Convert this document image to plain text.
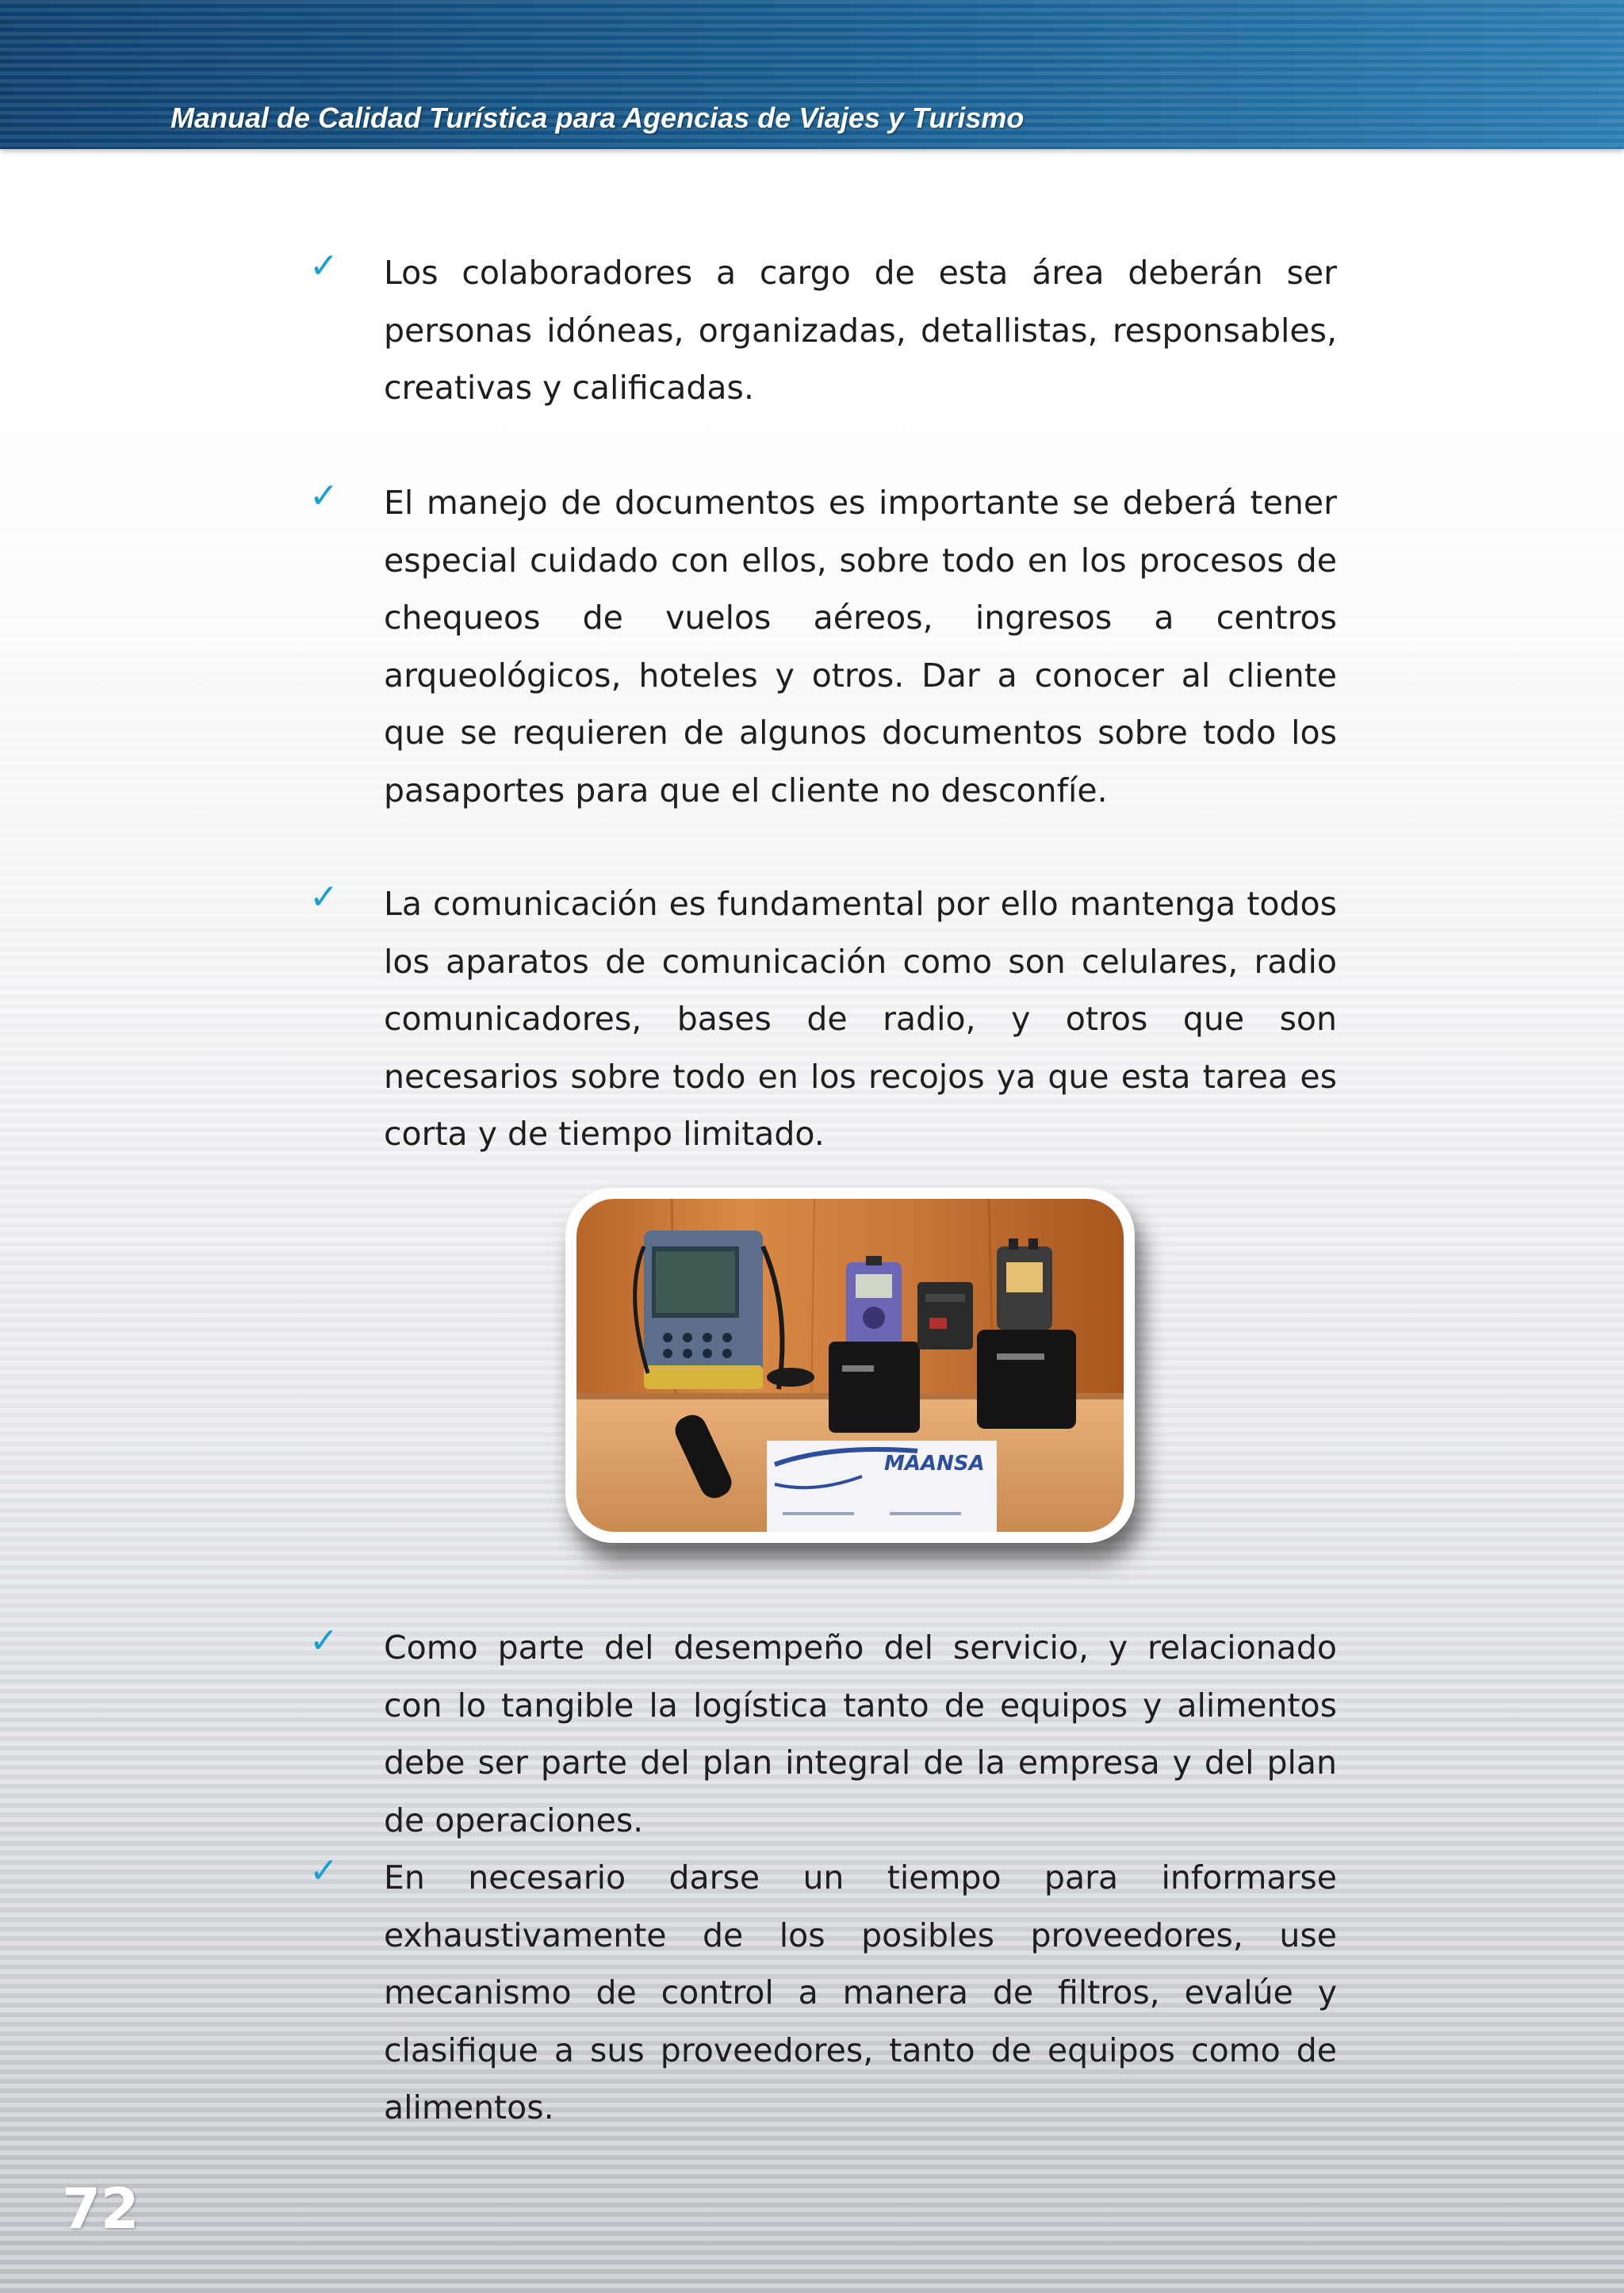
Manual de Calidad Turística para Agencias de Viajes y Turismo
✓ Los colaboradores a cargo de esta área deberán ser personas idóneas, organizadas, detallistas, responsables, creativas y calificadas.
✓ El manejo de documentos es importante se deberá tener especial cuidado con ellos, sobre todo en los procesos de chequeos de vuelos aéreos, ingresos a centros arqueológicos, hoteles y otros. Dar a conocer al cliente que se requieren de algunos documentos sobre todo los pasaportes para que el cliente no desconfíe.
✓ La comunicación es fundamental por ello mantenga todos los aparatos de comunicación como son celulares, radio comunicadores, bases de radio, y otros que son necesarios sobre todo en los recojos ya que esta tarea es corta y de tiempo limitado.
MAANSA
✓ Como parte del desempeño del servicio, y relacionado con lo tangible la logística tanto de equipos y alimentos debe ser parte del plan integral de la empresa y del plan de operaciones.
✓ En necesario darse un tiempo para informarse exhaustivamente de los posibles proveedores, use mecanismo de control a manera de filtros, evalúe y clasifique a sus proveedores, tanto de equipos como de alimentos.
72
